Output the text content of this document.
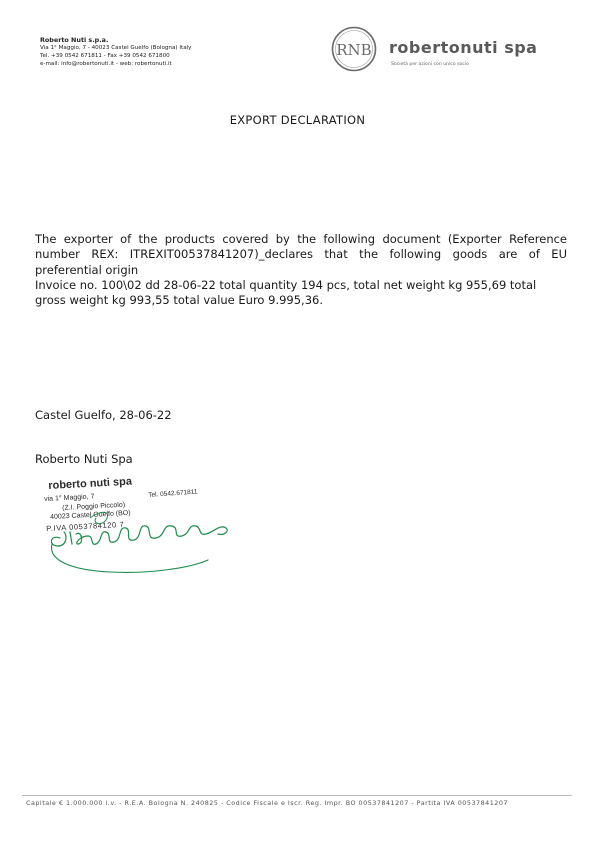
Roberto Nuti s.p.a.
Via 1° Maggio, 7 - 40023 Castel Guelfo (Bologna) Italy
Tel. +39 0542 671811 - Fax +39 0542 671800
e-mail: info@robertonuti.it - web: robertonuti.it
RNB robertonuti spa
Società per azioni con unico socio
EXPORT DECLARATION

The exporter of the products covered by the following document (Exporter Reference number REX: ITREXIT00537841207)_declares that the following goods are of EU preferential origin

Invoice no. 100\02 dd 28-06-22 total quantity 194 pcs, total net weight kg 955,69 total gross weight kg 993,55 total value Euro 9.995,36.

Castel Guelfo, 28-06-22
Roberto Nuti Spa
roberto nuti spa
Tel. 0542.671811
via 1° Maggio, 7
(Z.I. Poggio Piccolo)
40023 Castel Guelfo (BO)
P.IVA 0053784120 7
Capitale € 1.000.000 i.v. - R.E.A. Bologna N. 240825 - Codice Fiscale e Iscr. Reg. Impr. BO 00537841207 - Partita IVA 00537841207
